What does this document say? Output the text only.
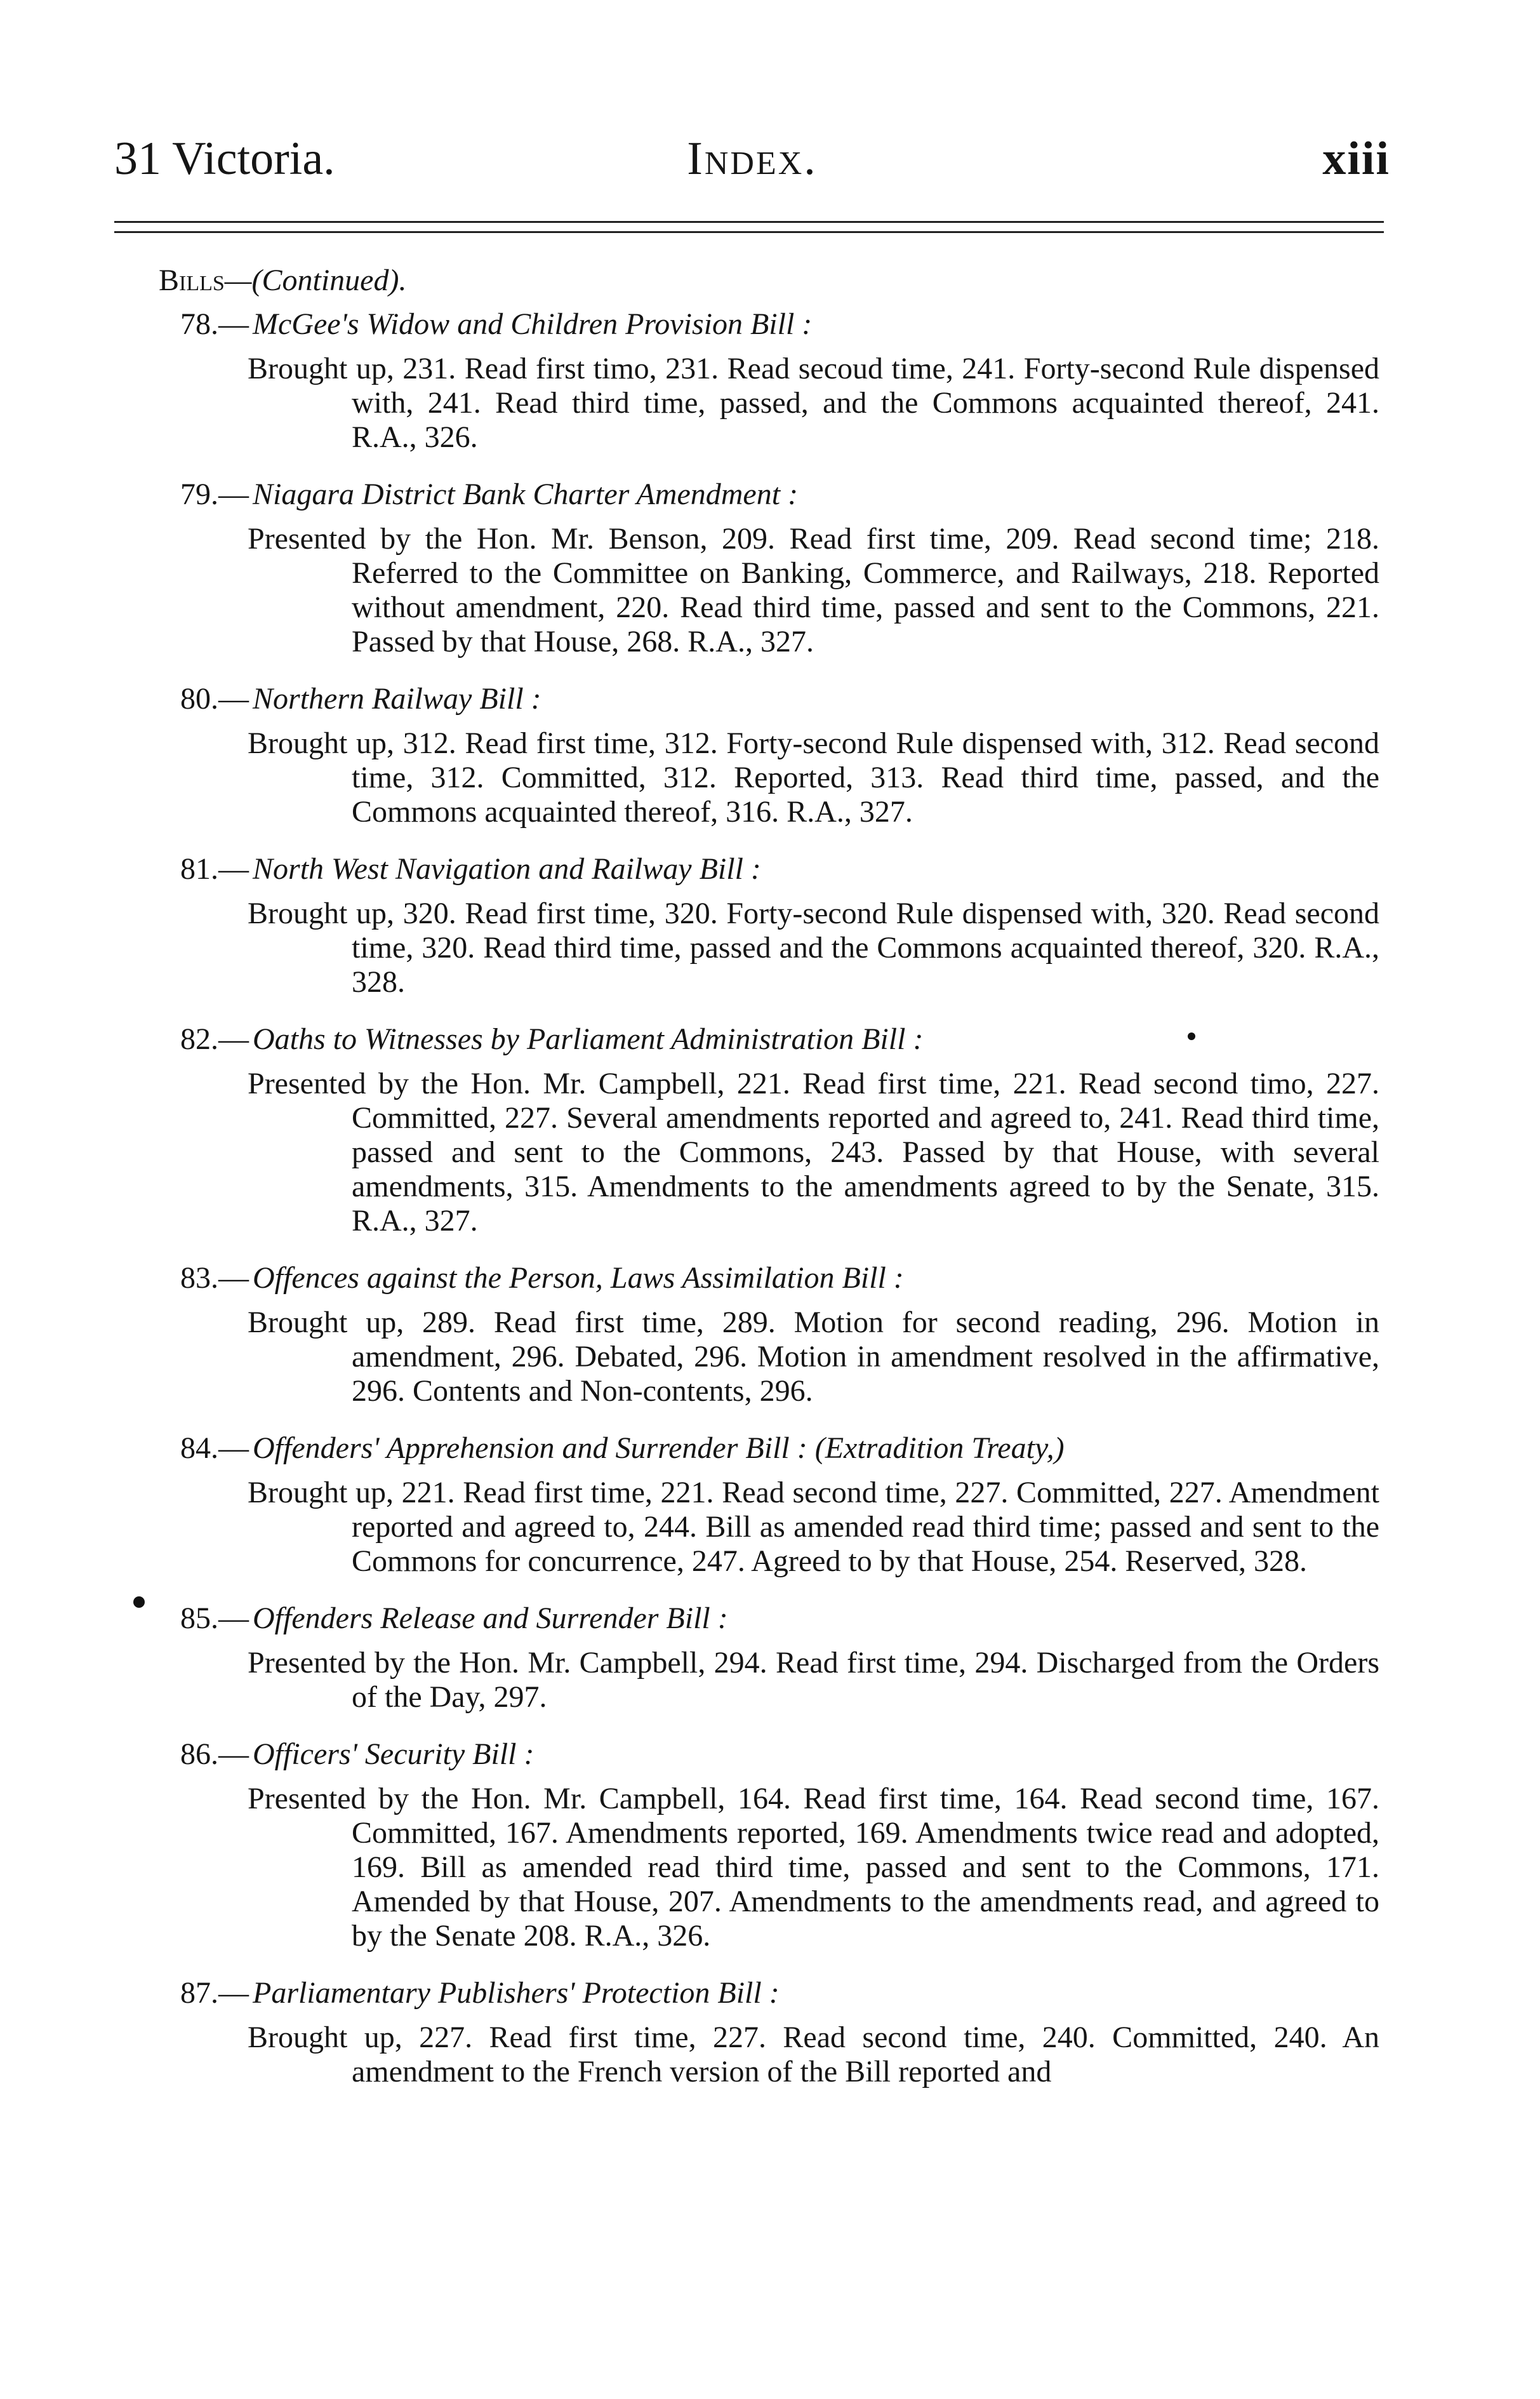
31 Victoria.	Index.	xiii
Bills—(Continued).
78.— McGee's Widow and Children Provision Bill :
Brought up, 231. Read first timo, 231. Read secoud time, 241. Forty-second Rule dispensed with, 241. Read third time, passed, and the Commons acquainted thereof, 241. R.A., 326.
79.— Niagara District Bank Charter Amendment :
Presented by the Hon. Mr. Benson, 209. Read first time, 209. Read second time; 218. Referred to the Committee on Banking, Commerce, and Railways, 218. Reported without amendment, 220. Read third time, passed and sent to the Commons, 221. Passed by that House, 268. R.A., 327.
80.— Northern Railway Bill :
Brought up, 312. Read first time, 312. Forty-second Rule dispensed with, 312. Read second time, 312. Committed, 312. Reported, 313. Read third time, passed, and the Commons acquainted thereof, 316. R.A., 327.
81.— North West Navigation and Railway Bill :
Brought up, 320. Read first time, 320. Forty-second Rule dispensed with, 320. Read second time, 320. Read third time, passed and the Commons acquainted thereof, 320. R.A., 328.
82.— Oaths to Witnesses by Parliament Administration Bill :
Presented by the Hon. Mr. Campbell, 221. Read first time, 221. Read second timo, 227. Committed, 227. Several amendments reported and agreed to, 241. Read third time, passed and sent to the Commons, 243. Passed by that House, with several amendments, 315. Amendments to the amendments agreed to by the Senate, 315. R.A., 327.
83.— Offences against the Person, Laws Assimilation Bill :
Brought up, 289. Read first time, 289. Motion for second reading, 296. Motion in amendment, 296. Debated, 296. Motion in amendment resolved in the affirmative, 296. Contents and Non-contents, 296.
84.— Offenders' Apprehension and Surrender Bill : (Extradition Treaty,)
Brought up, 221. Read first time, 221. Read second time, 227. Committed, 227. Amendment reported and agreed to, 244. Bill as amended read third time; passed and sent to the Commons for concurrence, 247. Agreed to by that House, 254. Reserved, 328.
85.— Offenders Release and Surrender Bill :
Presented by the Hon. Mr. Campbell, 294. Read first time, 294. Discharged from the Orders of the Day, 297.
86.— Officers' Security Bill :
Presented by the Hon. Mr. Campbell, 164. Read first time, 164. Read second time, 167. Committed, 167. Amendments reported, 169. Amendments twice read and adopted, 169. Bill as amended read third time, passed and sent to the Commons, 171. Amended by that House, 207. Amendments to the amendments read, and agreed to by the Senate 208. R.A., 326.
87.— Parliamentary Publishers' Protection Bill :
Brought up, 227. Read first time, 227. Read second time, 240. Committed, 240. An amendment to the French version of the Bill reported and
